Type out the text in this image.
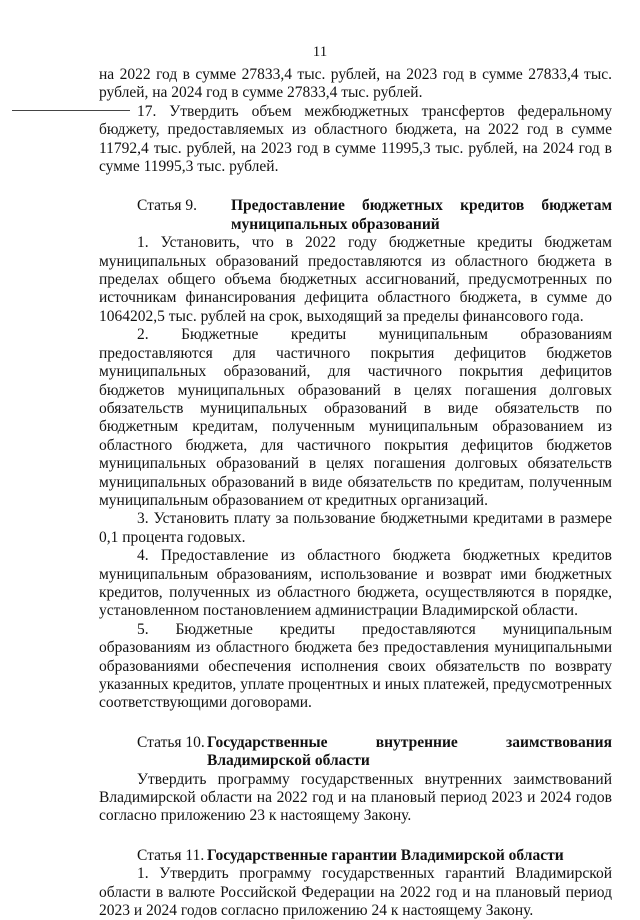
11

на 2022 год в сумме 27833,4 тыс. рублей, на 2023 год в сумме 27833,4 тыс. рублей, на 2024 год в сумме 27833,4 тыс. рублей.

17. Утвердить объем межбюджетных трансфертов федеральному бюджету, предоставляемых из областного бюджета, на 2022 год в сумме 11792,4 тыс. рублей, на 2023 год в сумме 11995,3 тыс. рублей, на 2024 год в сумме 11995,3 тыс. рублей.

Статья 9.	Предоставление бюджетных кредитов бюджетам муниципальных образований

1. Установить, что в 2022 году бюджетные кредиты бюджетам муниципальных образований предоставляются из областного бюджета в пределах общего объема бюджетных ассигнований, предусмотренных по источникам финансирования дефицита областного бюджета, в сумме до 1064202,5 тыс. рублей на срок, выходящий за пределы финансового года.

2. Бюджетные кредиты муниципальным образованиям предоставляются для частичного покрытия дефицитов бюджетов муниципальных образований, для частичного покрытия дефицитов бюджетов муниципальных образований в целях погашения долговых обязательств муниципальных образований в виде обязательств по бюджетным кредитам, полученным муниципальным образованием из областного бюджета, для частичного покрытия дефицитов бюджетов муниципальных образований в целях погашения долговых обязательств муниципальных образований в виде обязательств по кредитам, полученным муниципальным образованием от кредитных организаций.

3. Установить плату за пользование бюджетными кредитами в размере 0,1 процента годовых.

4. Предоставление из областного бюджета бюджетных кредитов муниципальным образованиям, использование и возврат ими бюджетных кредитов, полученных из областного бюджета, осуществляются в порядке, установленном постановлением администрации Владимирской области.

5. Бюджетные кредиты предоставляются муниципальным образованиям из областного бюджета без предоставления муниципальными образованиями обеспечения исполнения своих обязательств по возврату указанных кредитов, уплате процентных и иных платежей, предусмотренных соответствующими договорами.

Статья 10. Государственные внутренние заимствования Владимирской области

Утвердить программу государственных внутренних заимствований Владимирской области на 2022 год и на плановый период 2023 и 2024 годов согласно приложению 23 к настоящему Закону.

Статья 11. Государственные гарантии Владимирской области

1. Утвердить программу государственных гарантий Владимирской области в валюте Российской Федерации на 2022 год и на плановый период 2023 и 2024 годов согласно приложению 24 к настоящему Закону.
